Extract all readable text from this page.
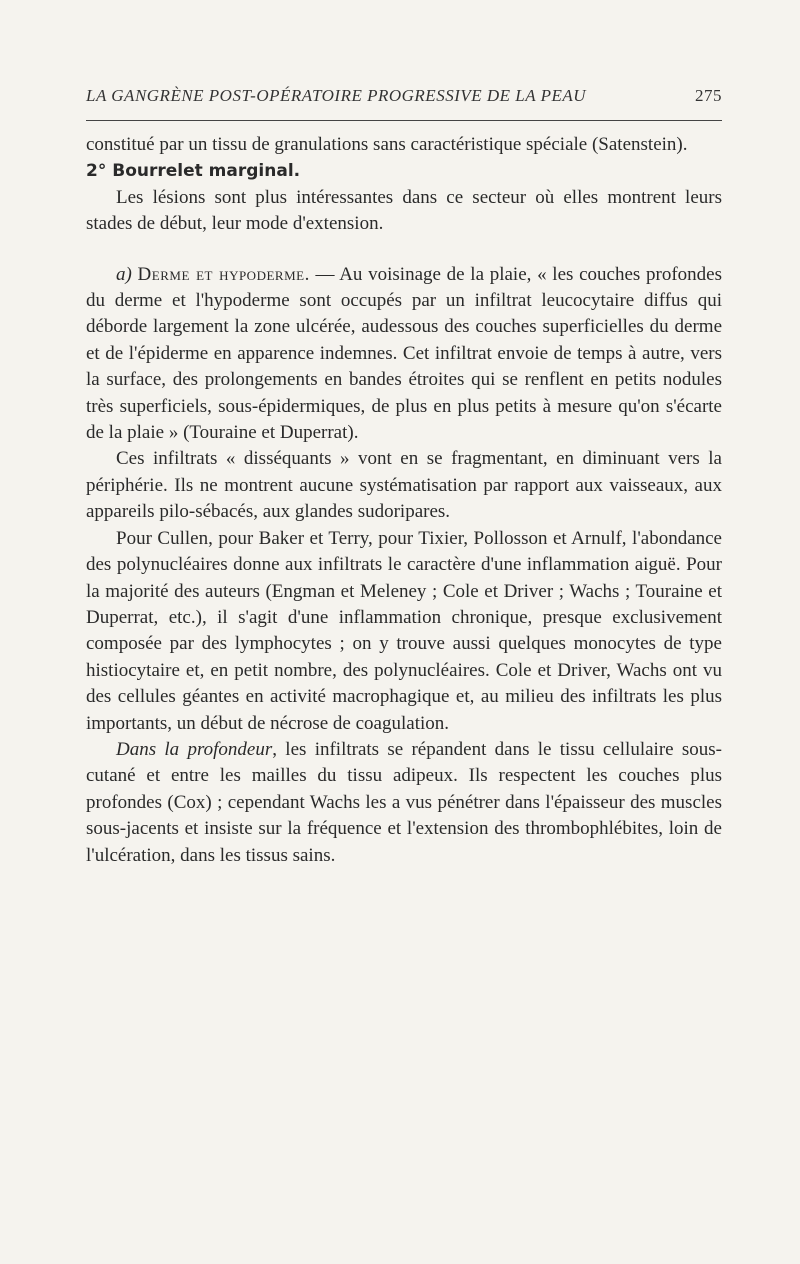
LA GANGRÈNE POST-OPÉRATOIRE PROGRESSIVE DE LA PEAU	275

constitué par un tissu de granulations sans caractéristique spéciale (Satenstein).

2° Bourrelet marginal.

Les lésions sont plus intéressantes dans ce secteur où elles montrent leurs stades de début, leur mode d'extension.

a) Derme et hypoderme. — Au voisinage de la plaie, « les couches profondes du derme et l'hypoderme sont occupés par un infiltrat leucocytaire diffus qui déborde largement la zone ulcérée, audessous des couches superficielles du derme et de l'épiderme en apparence indemnes. Cet infiltrat envoie de temps à autre, vers la surface, des prolongements en bandes étroites qui se renflent en petits nodules très superficiels, sous-épidermiques, de plus en plus petits à mesure qu'on s'écarte de la plaie » (Touraine et Duperrat).

Ces infiltrats « disséquants » vont en se fragmentant, en diminuant vers la périphérie. Ils ne montrent aucune systématisation par rapport aux vaisseaux, aux appareils pilo-sébacés, aux glandes sudoripares.

Pour Cullen, pour Baker et Terry, pour Tixier, Pollosson et Arnulf, l'abondance des polynucléaires donne aux infiltrats le caractère d'une inflammation aiguë. Pour la majorité des auteurs (Engman et Meleney ; Cole et Driver ; Wachs ; Touraine et Duperrat, etc.), il s'agit d'une inflammation chronique, presque exclusivement composée par des lymphocytes ; on y trouve aussi quelques monocytes de type histiocytaire et, en petit nombre, des polynucléaires. Cole et Driver, Wachs ont vu des cellules géantes en activité macrophagique et, au milieu des infiltrats les plus importants, un début de nécrose de coagulation.

Dans la profondeur, les infiltrats se répandent dans le tissu cellulaire sous-cutané et entre les mailles du tissu adipeux. Ils respectent les couches plus profondes (Cox) ; cependant Wachs les a vus pénétrer dans l'épaisseur des muscles sous-jacents et insiste sur la fréquence et l'extension des thrombophlébites, loin de l'ulcération, dans les tissus sains.
